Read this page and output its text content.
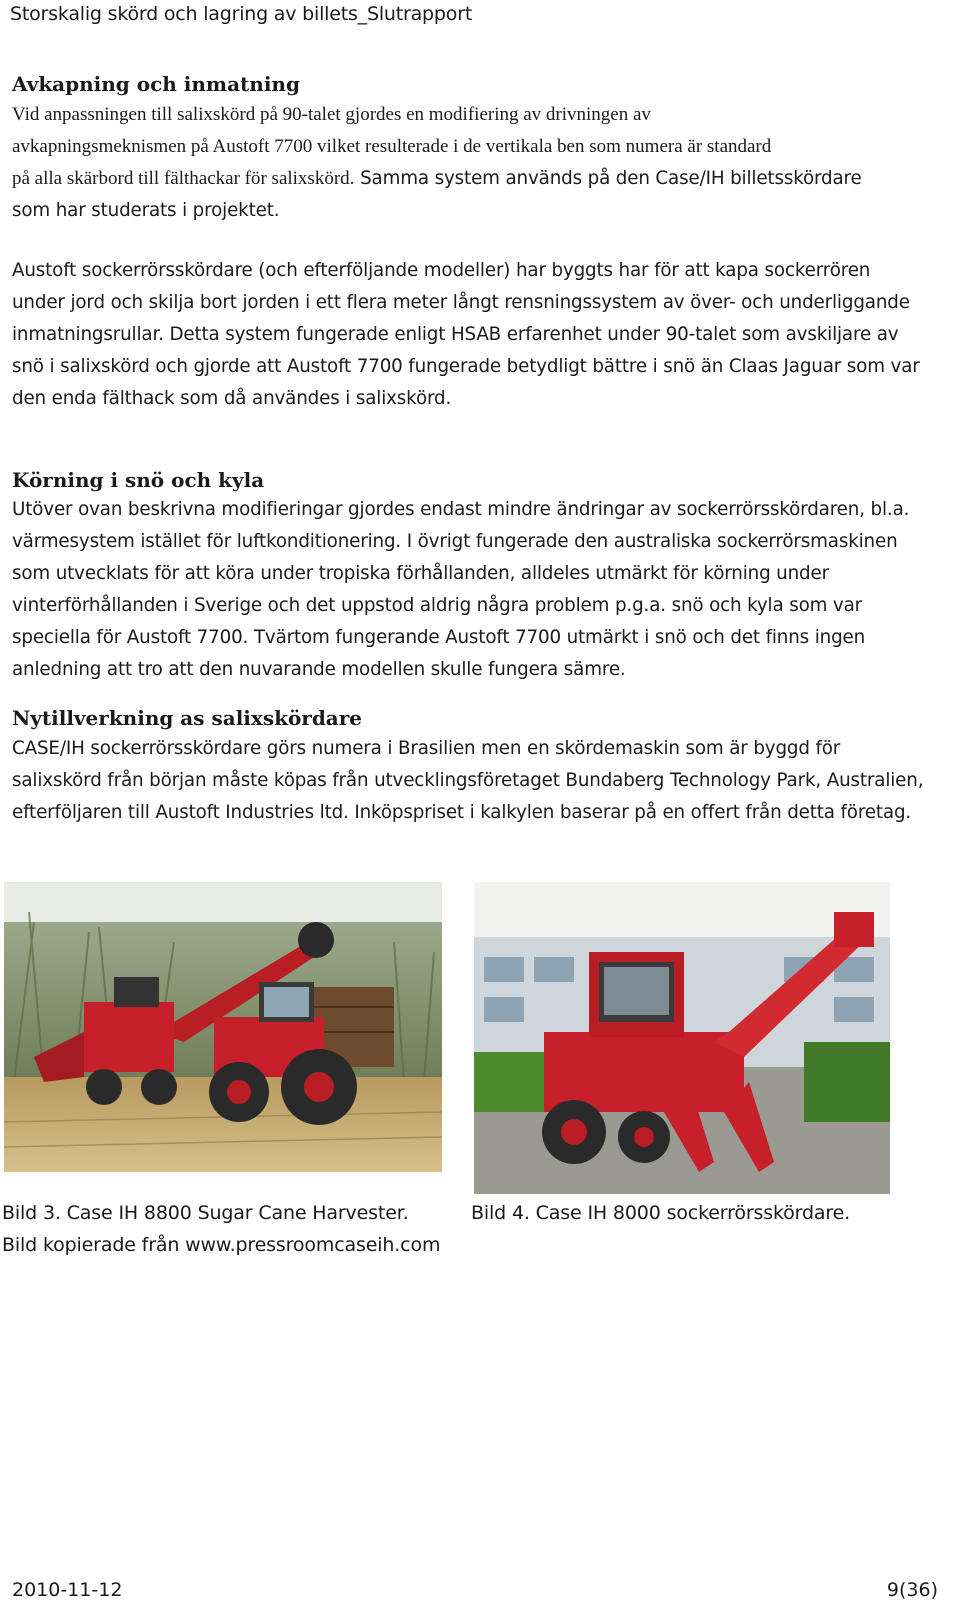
Storskalig skörd och lagring av billets_Slutrapport
Avkapning och inmatning
Vid anpassningen till salixskörd på 90-talet gjordes en modifiering av drivningen av
avkapningsmeknismen på Austoft 7700 vilket resulterade i de vertikala ben som numera är standard
på alla skärbord till fälthackar för salixskörd. Samma system används på den Case/IH billetsskördare
som har studerats i projektet.
Austoft sockerrörsskördare (och efterföljande modeller) har byggts har för att kapa sockerrören
under jord och skilja bort jorden i ett flera meter långt rensningssystem av över- och underliggande
inmatningsrullar. Detta system fungerade enligt HSAB erfarenhet under 90-talet som avskiljare av
snö i salixskörd och gjorde att Austoft 7700 fungerade betydligt bättre i snö än Claas Jaguar som var
den enda fälthack som då användes i salixskörd.
Körning i snö och kyla
Utöver ovan beskrivna modifieringar gjordes endast mindre ändringar av sockerrörsskördaren, bl.a.
värmesystem istället för luftkonditionering. I övrigt fungerade den australiska sockerrörsmaskinen
som utvecklats för att köra under tropiska förhållanden, alldeles utmärkt för körning under
vinterförhållanden i Sverige och det uppstod aldrig några problem p.g.a. snö och kyla som var
speciella för Austoft 7700. Tvärtom fungerande Austoft 7700 utmärkt i snö och det finns ingen
anledning att tro att den nuvarande modellen skulle fungera sämre.
Nytillverkning as salixskördare
CASE/IH sockerrörsskördare görs numera i Brasilien men en skördemaskin som är byggd för
salixskörd från början måste köpas från utvecklingsföretaget Bundaberg Technology Park, Australien,
efterföljaren till Austoft Industries ltd. Inköpspriset i kalkylen baserar på en offert från detta företag.
Bild 3. Case IH 8800 Sugar Cane Harvester.
Bild kopierade från www.pressroomcaseih.com
Bild 4. Case IH 8000 sockerrörsskördare.
2010-11-12	9(36)
